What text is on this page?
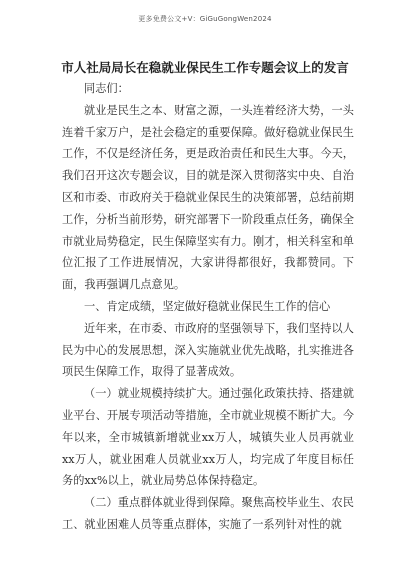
更多免费公文+V：GiGuGongWen2024
市人社局局长在稳就业保民生工作专题会议上的发言

同志们：

就业是民生之本、财富之源，一头连着经济大势，一头连着千家万户，是社会稳定的重要保障。做好稳就业保民生工作，不仅是经济任务，更是政治责任和民生大事。今天，我们召开这次专题会议，目的就是深入贯彻落实中央、自治区和市委、市政府关于稳就业保民生的决策部署，总结前期工作，分析当前形势，研究部署下一阶段重点任务，确保全市就业局势稳定，民生保障坚实有力。刚才，相关科室和单位汇报了工作进展情况，大家讲得都很好，我都赞同。下面，我再强调几点意见。

一、肯定成绩，坚定做好稳就业保民生工作的信心

近年来，在市委、市政府的坚强领导下，我们坚持以人民为中心的发展思想，深入实施就业优先战略，扎实推进各项民生保障工作，取得了显著成效。

（一）就业规模持续扩大。通过强化政策扶持、搭建就业平台、开展专项活动等措施，全市就业规模不断扩大。今年以来，全市城镇新增就业xx万人，城镇失业人员再就业xx万人，就业困难人员就业xx万人，均完成了年度目标任务的xx%以上，就业局势总体保持稳定。

（二）重点群体就业得到保障。聚焦高校毕业生、农民工、就业困难人员等重点群体，实施了一系列针对性的就
